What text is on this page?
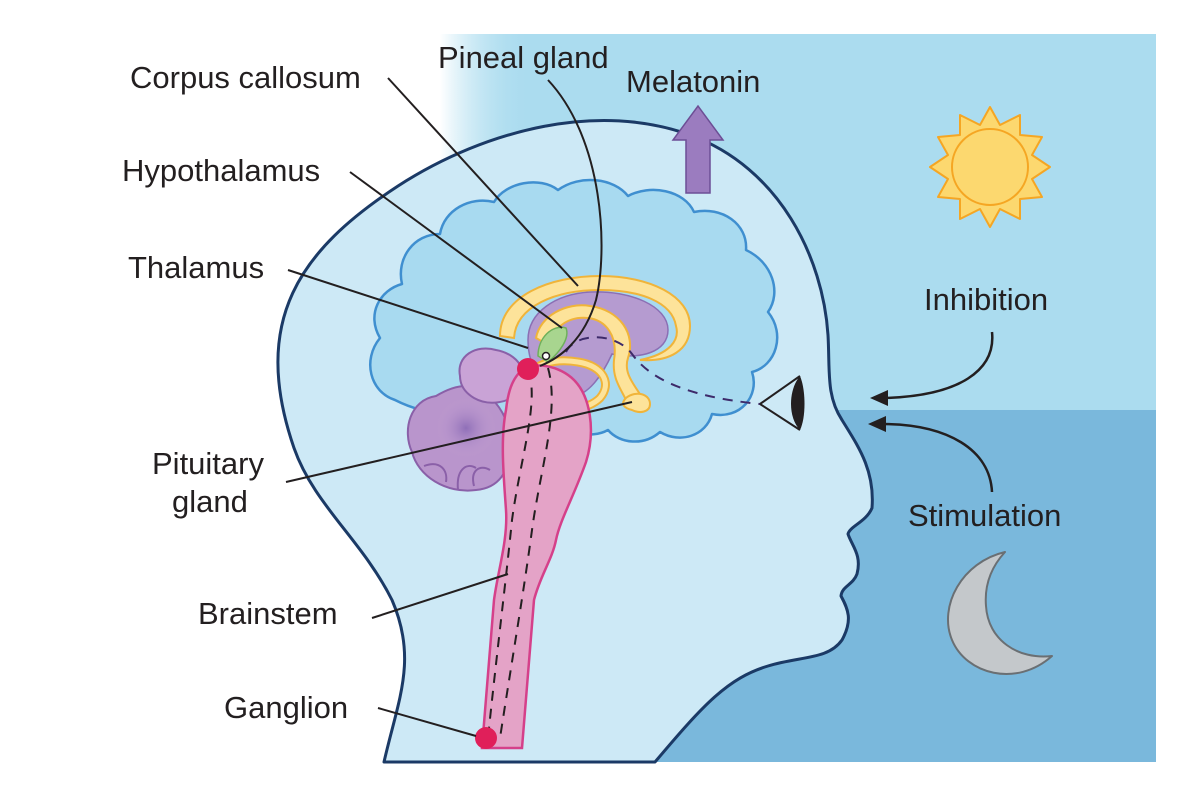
Corpus callosum
Pineal gland
Melatonin
Hypothalamus
Thalamus
Pituitary
gland
Brainstem
Ganglion
Inhibition
Stimulation
